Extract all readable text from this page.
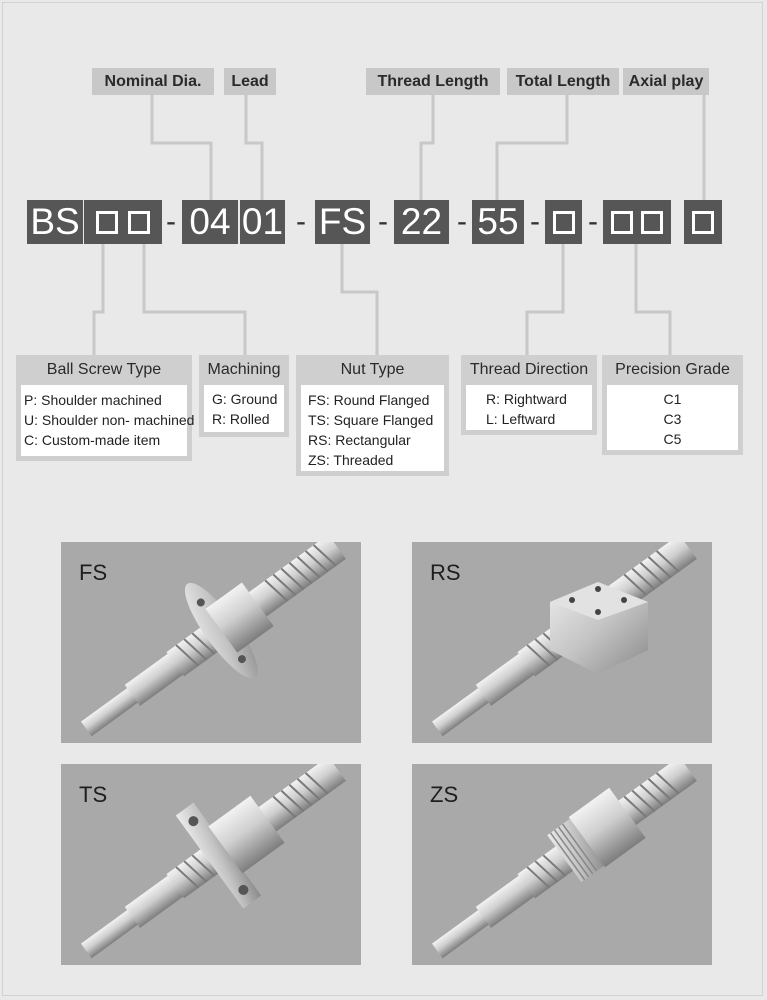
Nominal Dia.	Lead	Thread Length	Total Length	Axial play
BS	- 04 01 - FS - 22 - 55 - -
Ball Screw Type
P: Shoulder machined
U: Shoulder non- machined
C: Custom-made item
Machining
G: Ground
R: Rolled
Nut Type
FS: Round Flanged
TS: Square Flanged
RS: Rectangular
ZS: Threaded
Thread Direction
R: Rightward
L: Leftward
Precision Grade
C1
C3
C5
FS	RS
TS	ZS
